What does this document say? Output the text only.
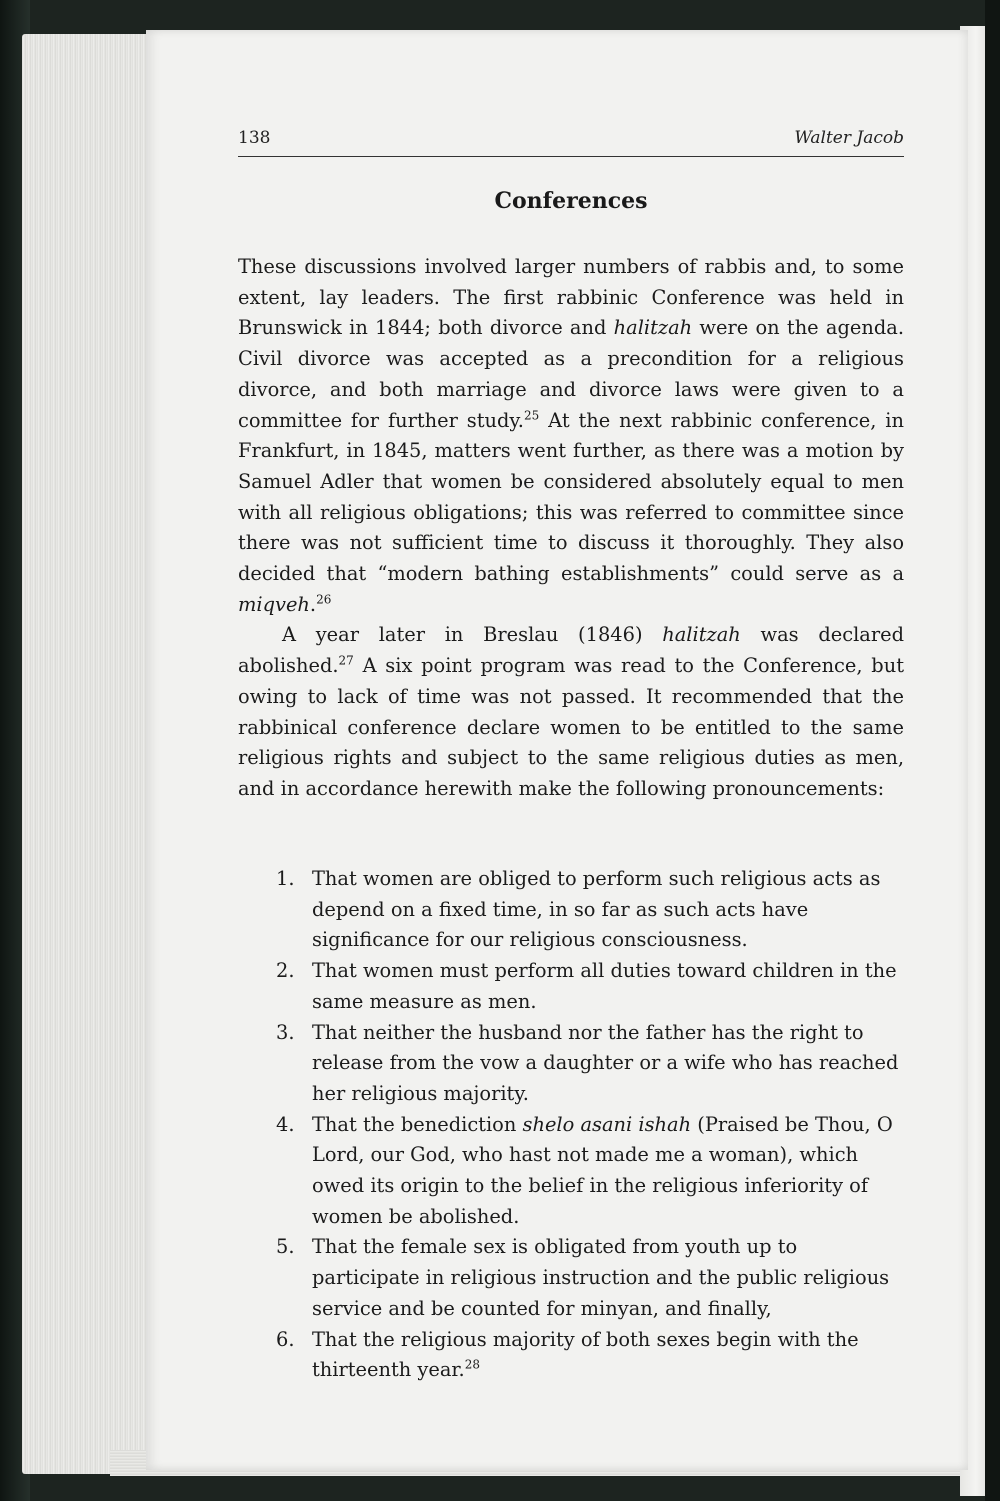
138	Walter Jacob
Conferences

These discussions involved larger numbers of rabbis and, to some extent, lay leaders. The first rabbinic Conference was held in Brunswick in 1844; both divorce and halitzah were on the agenda. Civil divorce was accepted as a precondition for a religious divorce, and both marriage and divorce laws were given to a committee for further study.$^{25}$ At the next rabbinic conference, in Frankfurt, in 1845, matters went further, as there was a motion by Samuel Adler that women be considered absolutely equal to men with all religious obligations; this was referred to committee since there was not sufficient time to discuss it thoroughly. They also decided that “modern bathing establishments” could serve as a miqveh.$^{26}$

A year later in Breslau (1846) halitzah was declared abolished.$^{27}$ A six point program was read to the Conference, but owing to lack of time was not passed. It recommended that the rabbinical conference declare women to be entitled to the same religious rights and subject to the same religious duties as men, and in accordance herewith make the following pronouncements:

1. That women are obliged to perform such religious acts as depend on a fixed time, in so far as such acts have significance for our religious consciousness.
2. That women must perform all duties toward children in the same measure as men.
3. That neither the husband nor the father has the right to release from the vow a daughter or a wife who has reached her religious majority.
4. That the benediction shelo asani ishah (Praised be Thou, O Lord, our God, who hast not made me a woman), which owed its origin to the belief in the religious inferiority of women be abolished.
5. That the female sex is obligated from youth up to participate in religious instruction and the public religious service and be counted for minyan, and finally,
6. That the religious majority of both sexes begin with the thirteenth year.$^{28}$
